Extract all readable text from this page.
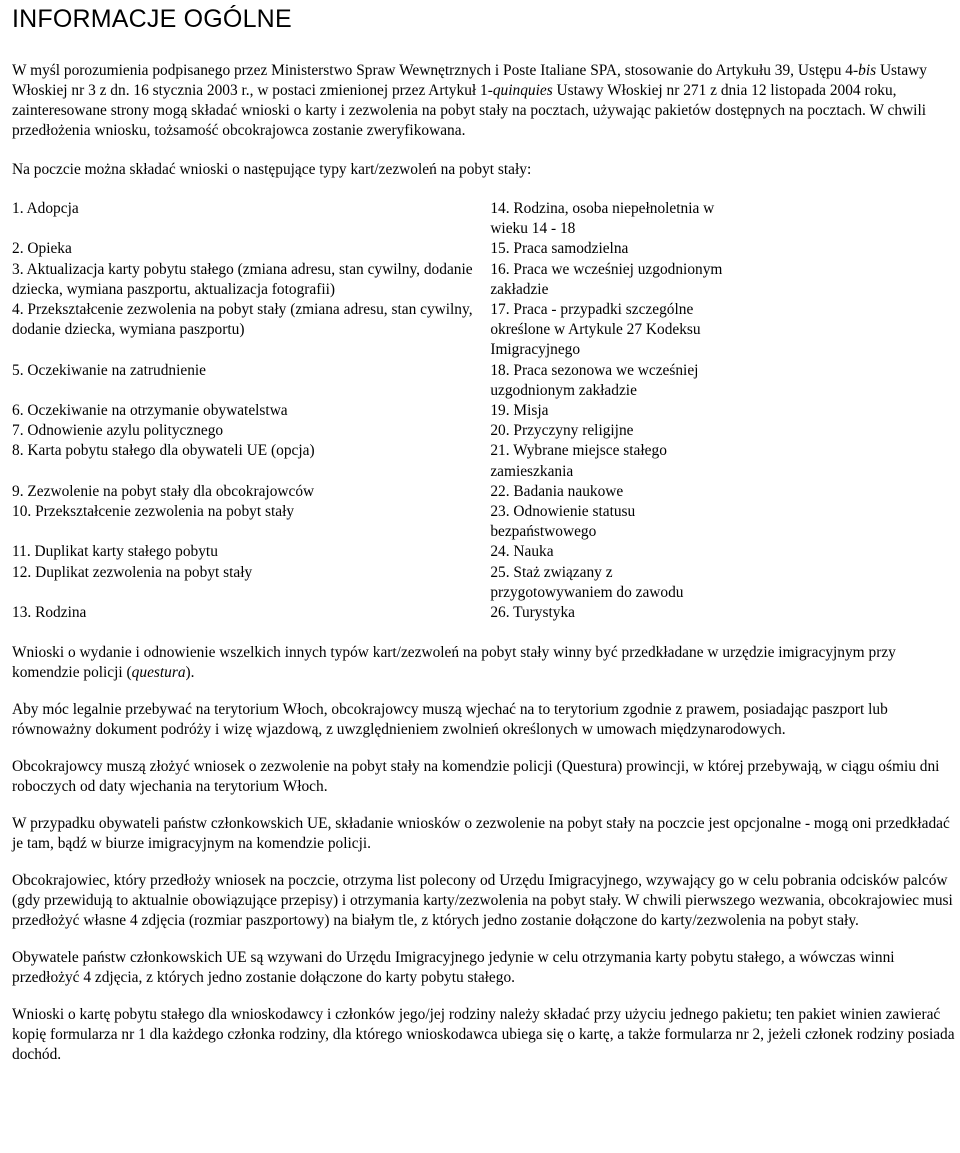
INFORMACJE OGÓLNE

W myśl porozumienia podpisanego przez Ministerstwo Spraw Wewnętrznych i Poste Italiane SPA, stosowanie do Artykułu 39, Ustępu 4-bis Ustawy Włoskiej nr 3 z dn. 16 stycznia 2003 r., w postaci zmienionej przez Artykuł 1-quinquies Ustawy Włoskiej nr 271 z dnia 12 listopada 2004 roku, zainteresowane strony mogą składać wnioski o karty i zezwolenia na pobyt stały na pocztach, używając pakietów dostępnych na pocztach. W chwili przedłożenia wniosku, tożsamość obcokrajowca zostanie zweryfikowana.

Na poczcie można składać wnioski o następujące typy kart/zezwoleń na pobyt stały:

1. Adopcja	14. Rodzina, osoba niepełnoletnia w wieku 14 - 18
2. Opieka	15. Praca samodzielna
3. Aktualizacja karty pobytu stałego (zmiana adresu, stan cywilny, dodanie dziecka, wymiana paszportu, aktualizacja fotografii)	16. Praca we wcześniej uzgodnionym zakładzie
4. Przekształcenie zezwolenia na pobyt stały (zmiana adresu, stan cywilny, dodanie dziecka, wymiana paszportu)	17. Praca - przypadki szczególne określone w Artykule 27 Kodeksu Imigracyjnego
5. Oczekiwanie na zatrudnienie	18. Praca sezonowa we wcześniej uzgodnionym zakładzie
6. Oczekiwanie na otrzymanie obywatelstwa	19. Misja
7. Odnowienie azylu politycznego	20. Przyczyny religijne
8. Karta pobytu stałego dla obywateli UE (opcja)	21. Wybrane miejsce stałego zamieszkania
9. Zezwolenie na pobyt stały dla obcokrajowców	22. Badania naukowe
10. Przekształcenie zezwolenia na pobyt stały	23. Odnowienie statusu bezpaństwowego
11. Duplikat karty stałego pobytu	24. Nauka
12. Duplikat zezwolenia na pobyt stały	25. Staż związany z przygotowywaniem do zawodu
13. Rodzina	26. Turystyka

Wnioski o wydanie i odnowienie wszelkich innych typów kart/zezwoleń na pobyt stały winny być przedkładane w urzędzie imigracyjnym przy komendzie policji (questura).

Aby móc legalnie przebywać na terytorium Włoch, obcokrajowcy muszą wjechać na to terytorium zgodnie z prawem, posiadając paszport lub równoważny dokument podróży i wizę wjazdową, z uwzględnieniem zwolnień określonych w umowach międzynarodowych.

Obcokrajowcy muszą złożyć wniosek o zezwolenie na pobyt stały na komendzie policji (Questura) prowincji, w której przebywają, w ciągu ośmiu dni roboczych od daty wjechania na terytorium Włoch.

W przypadku obywateli państw członkowskich UE, składanie wniosków o zezwolenie na pobyt stały na poczcie jest opcjonalne - mogą oni przedkładać je tam, bądź w biurze imigracyjnym na komendzie policji.

Obcokrajowiec, który przedłoży wniosek na poczcie, otrzyma list polecony od Urzędu Imigracyjnego, wzywający go w celu pobrania odcisków palców (gdy przewidują to aktualnie obowiązujące przepisy) i otrzymania karty/zezwolenia na pobyt stały. W chwili pierwszego wezwania, obcokrajowiec musi przedłożyć własne 4 zdjęcia (rozmiar paszportowy) na białym tle, z których jedno zostanie dołączone do karty/zezwolenia na pobyt stały.

Obywatele państw członkowskich UE są wzywani do Urzędu Imigracyjnego jedynie w celu otrzymania karty pobytu stałego, a wówczas winni przedłożyć 4 zdjęcia, z których jedno zostanie dołączone do karty pobytu stałego.

Wnioski o kartę pobytu stałego dla wnioskodawcy i członków jego/jej rodziny należy składać przy użyciu jednego pakietu; ten pakiet winien zawierać kopię formularza nr 1 dla każdego członka rodziny, dla którego wnioskodawca ubiega się o kartę, a także formularza nr 2, jeżeli członek rodziny posiada dochód.
